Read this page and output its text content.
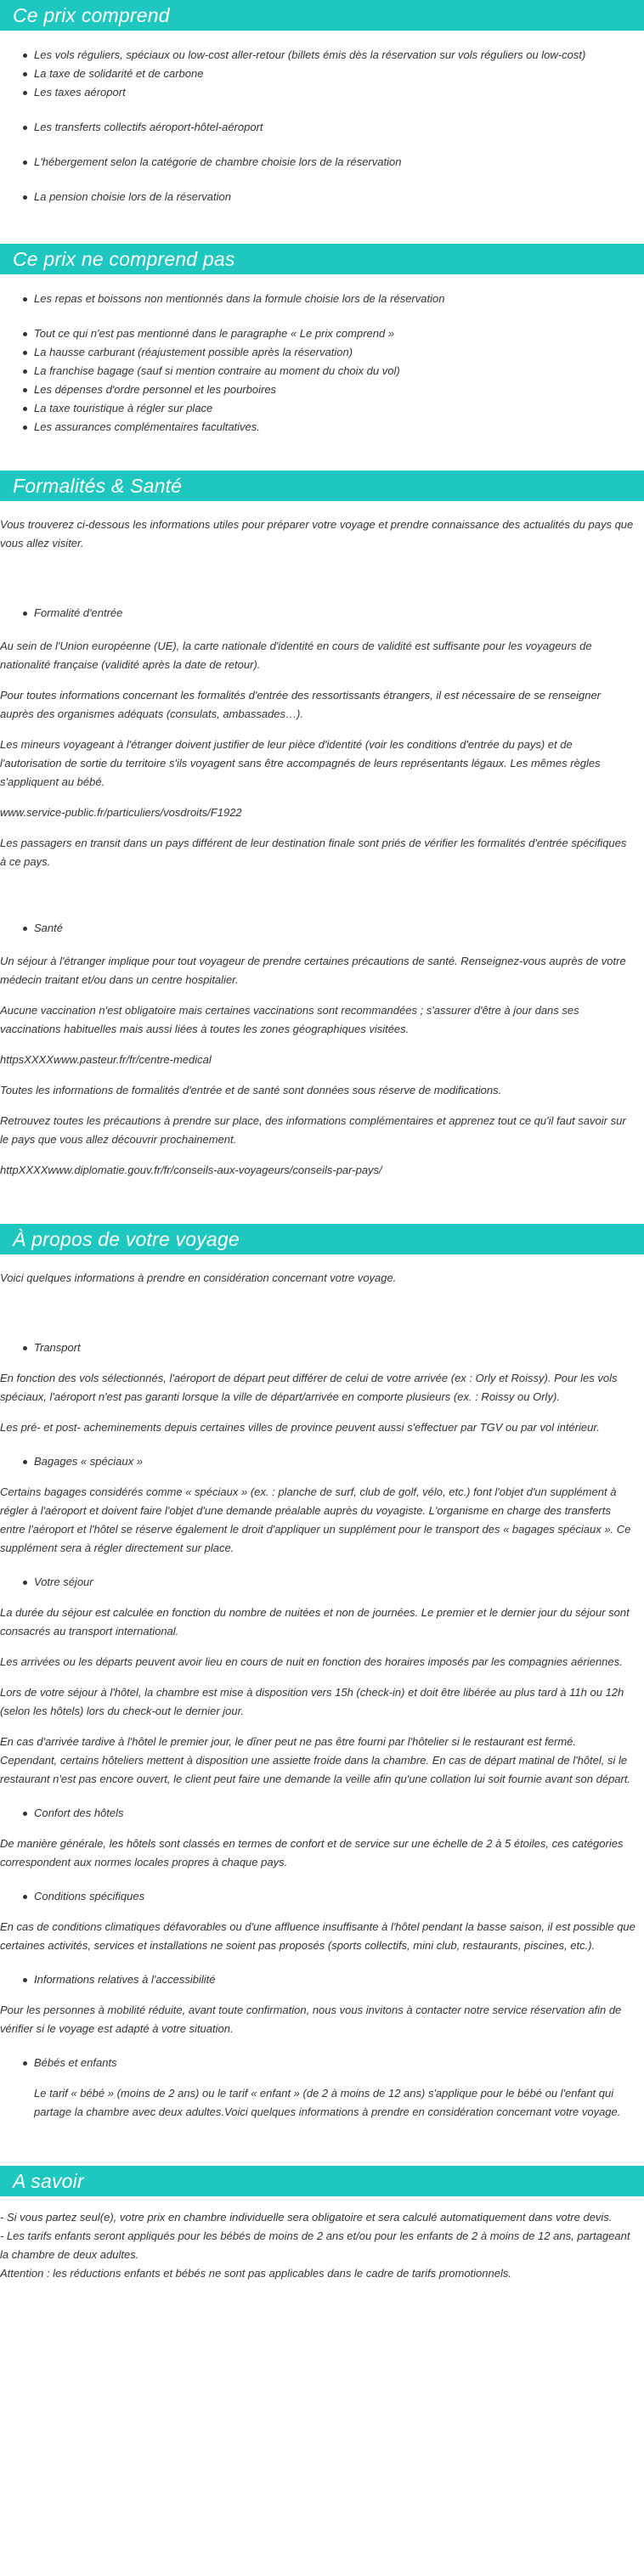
Ce prix comprend
Les vols réguliers, spéciaux ou low-cost aller-retour (billets émis dès la réservation sur vols réguliers ou low-cost)
La taxe de solidarité et de carbone
Les taxes aéroport
Les transferts collectifs aéroport-hôtel-aéroport
L'hébergement selon la catégorie de chambre choisie lors de la réservation
La pension choisie lors de la réservation
Ce prix ne comprend pas
Les repas et boissons non mentionnés dans la formule choisie lors de la réservation
Tout ce qui n'est pas mentionné dans le paragraphe « Le prix comprend »
La hausse carburant (réajustement possible après la réservation)
La franchise bagage (sauf si mention contraire au moment du choix du vol)
Les dépenses d'ordre personnel et les pourboires
La taxe touristique à régler sur place
Les assurances complémentaires facultatives.
Formalités & Santé

Vous trouverez ci-dessous les informations utiles pour préparer votre voyage et prendre connaissance des actualités du pays que vous allez visiter.

Formalité d'entrée

Au sein de l'Union européenne (UE), la carte nationale d'identité en cours de validité est suffisante pour les voyageurs de nationalité française (validité après la date de retour).

Pour toutes informations concernant les formalités d'entrée des ressortissants étrangers, il est nécessaire de se renseigner auprès des organismes adéquats (consulats, ambassades…).

Les mineurs voyageant à l'étranger doivent justifier de leur pièce d'identité (voir les conditions d'entrée du pays) et de l'autorisation de sortie du territoire s'ils voyagent sans être accompagnés de leurs représentants légaux. Les mêmes règles s'appliquent au bébé.

www.service-public.fr/particuliers/vosdroits/F1922

Les passagers en transit dans un pays différent de leur destination finale sont priés de vérifier les formalités d'entrée spécifiques à ce pays.

Santé

Un séjour à l'étranger implique pour tout voyageur de prendre certaines précautions de santé. Renseignez-vous auprès de votre médecin traitant et/ou dans un centre hospitalier.

Aucune vaccination n'est obligatoire mais certaines vaccinations sont recommandées ; s'assurer d'être à jour dans ses vaccinations habituelles mais aussi liées à toutes les zones géographiques visitées.

httpsXXXXwww.pasteur.fr/fr/centre-medical

Toutes les informations de formalités d'entrée et de santé sont données sous réserve de modifications.

Retrouvez toutes les précautions à prendre sur place, des informations complémentaires et apprenez tout ce qu'il faut savoir sur le pays que vous allez découvrir prochainement.

httpXXXXwww.diplomatie.gouv.fr/fr/conseils-aux-voyageurs/conseils-par-pays/

À propos de votre voyage

Voici quelques informations à prendre en considération concernant votre voyage.

Transport

En fonction des vols sélectionnés, l'aéroport de départ peut différer de celui de votre arrivée (ex : Orly et Roissy). Pour les vols spéciaux, l'aéroport n'est pas garanti lorsque la ville de départ/arrivée en comporte plusieurs (ex. : Roissy ou Orly).

Les pré- et post- acheminements depuis certaines villes de province peuvent aussi s'effectuer par TGV ou par vol intérieur.

Bagages « spéciaux »

Certains bagages considérés comme « spéciaux » (ex. : planche de surf, club de golf, vélo, etc.) font l'objet d'un supplément à régler à l'aéroport et doivent faire l'objet d'une demande préalable auprès du voyagiste. L'organisme en charge des transferts entre l'aéroport et l'hôtel se réserve également le droit d'appliquer un supplément pour le transport des « bagages spéciaux ». Ce supplément sera à régler directement sur place.

Votre séjour

La durée du séjour est calculée en fonction du nombre de nuitées et non de journées. Le premier et le dernier jour du séjour sont consacrés au transport international.

Les arrivées ou les départs peuvent avoir lieu en cours de nuit en fonction des horaires imposés par les compagnies aériennes.

Lors de votre séjour à l'hôtel, la chambre est mise à disposition vers 15h (check-in) et doit être libérée au plus tard à 11h ou 12h (selon les hôtels) lors du check-out le dernier jour.

En cas d'arrivée tardive à l'hôtel le premier jour, le dîner peut ne pas être fourni par l'hôtelier si le restaurant est fermé. Cependant, certains hôteliers mettent à disposition une assiette froide dans la chambre. En cas de départ matinal de l'hôtel, si le restaurant n'est pas encore ouvert, le client peut faire une demande la veille afin qu'une collation lui soit fournie avant son départ.

Confort des hôtels

De manière générale, les hôtels sont classés en termes de confort et de service sur une échelle de 2 à 5 étoiles, ces catégories correspondent aux normes locales propres à chaque pays.

Conditions spécifiques

En cas de conditions climatiques défavorables ou d'une affluence insuffisante à l'hôtel pendant la basse saison, il est possible que certaines activités, services et installations ne soient pas proposés (sports collectifs, mini club, restaurants, piscines, etc.).

Informations relatives à l'accessibilité

Pour les personnes à mobilité réduite, avant toute confirmation, nous vous invitons à contacter notre service réservation afin de vérifier si le voyage est adapté à votre situation.

Bébés et enfants

Le tarif « bébé » (moins de 2 ans) ou le tarif « enfant » (de 2 à moins de 12 ans) s'applique pour le bébé ou l'enfant qui partage la chambre avec deux adultes.Voici quelques informations à prendre en considération concernant votre voyage.

A savoir

- Si vous partez seul(e), votre prix en chambre individuelle sera obligatoire et sera calculé automatiquement dans votre devis.

- Les tarifs enfants seront appliqués pour les bébés de moins de 2 ans et/ou pour les enfants de 2 à moins de 12 ans, partageant la chambre de deux adultes.

Attention : les réductions enfants et bébés ne sont pas applicables dans le cadre de tarifs promotionnels.
